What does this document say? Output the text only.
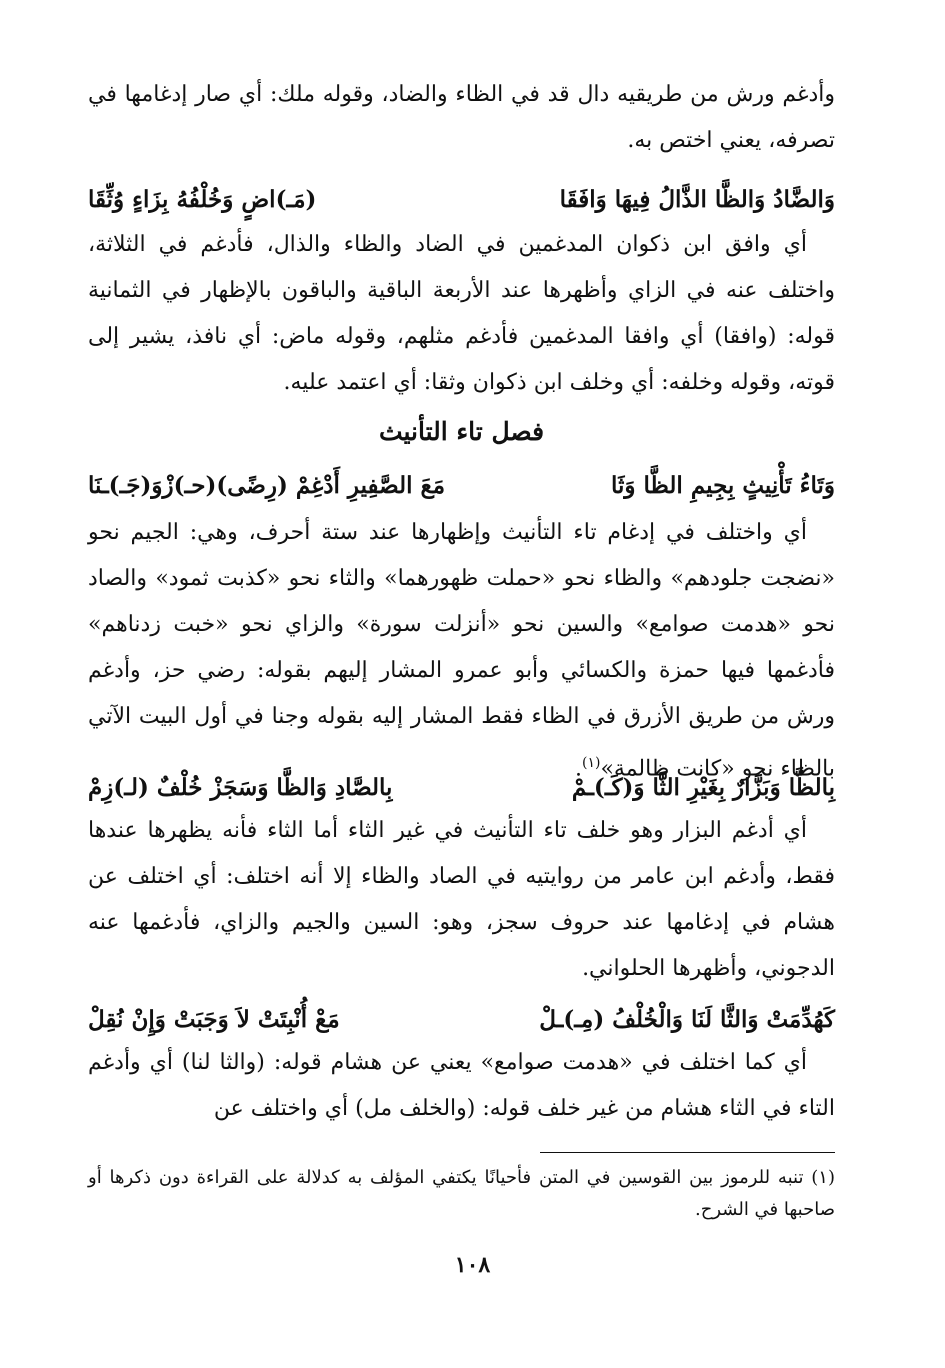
وأدغم ورش من طريقيه دال قد في الظاء والضاد، وقوله ملك: أي صار إدغامها في تصرفه، يعني اختص به.

وَالضَّادُ وَالظَّا الذَّالُ فِيهَا وَافَقَا
(مَـ)اضٍ وَخُلْفُهُ بِزَاءٍ وُثِّقَا

أي وافق ابن ذكوان المدغمين في الضاد والظاء والذال، فأدغم في الثلاثة، واختلف عنه في الزاي وأظهرها عند الأربعة الباقية والباقون بالإظهار في الثمانية قوله: (وافقا) أي وافقا المدغمين فأدغم مثلهم، وقوله ماض: أي نافذ، يشير إلى قوته، وقوله وخلفه: أي وخلف ابن ذكوان وثقا: أي اعتمد عليه.

فصل تاء التأنيث
وَتَاءُ تَأْنِيثٍ بِجِيمِ الظَّا وَثَا
مَعَ الصَّفِيرِ أَدْغِمْ (رِضًى)(حـ)زْوَ(جَـ)ـنَا

أي واختلف في إدغام تاء التأنيث وإظهارها عند ستة أحرف، وهي: الجيم نحو «نضجت جلودهم» والظاء نحو «حملت ظهورهما» والثاء نحو «كذبت ثمود» والصاد نحو «هدمت صوامع» والسين نحو «أنزلت سورة» والزاي نحو «خبت زدناهم» فأدغمها فيها حمزة والكسائي وأبو عمرو المشار إليهم بقوله: رضي حز، وأدغم ورش من طريق الأزرق في الظاء فقط المشار إليه بقوله وجنا في أول البيت الآتي بالظاء نحو «كانت ظالمة»$^{(١)}$.

بِالظَّا وَبَزَّارٌ بِغَيْرِ الثَّا وَ(كَـ)ـمْ
بِالصَّادِ وَالظَّا وَسَجَزْ خُلْفٌ (لـ)زِمْ

أي أدغم البزار وهو خلف تاء التأنيث في غير الثاء أما الثاء فأنه يظهرها عندها فقط، وأدغم ابن عامر من روايتيه في الصاد والظاء إلا أنه اختلف: أي اختلف عن هشام في إدغامها عند حروف سجز، وهو: السين والجيم والزاي، فأدغمها عنه الدجوني، وأظهرها الحلواني.

كَهُدِّمَتْ وَالثَّا لَنَا وَالْخُلْفُ (مِـ)ـلْ
مَعْ أُنْبِتَتْ لاَ وَجَبَتْ وَإِنْ نُقِلْ

أي كما اختلف في «هدمت صوامع» يعني عن هشام قوله: (والثا لنا) أي وأدغم التاء في الثاء هشام من غير خلف قوله: (والخلف مل) أي واختلف عن

(١) تنبه للرموز بين القوسين في المتن فأحيانًا يكتفي المؤلف به كدلالة على القراءة دون ذكرها أو صاحبها في الشرح.

١٠٨
